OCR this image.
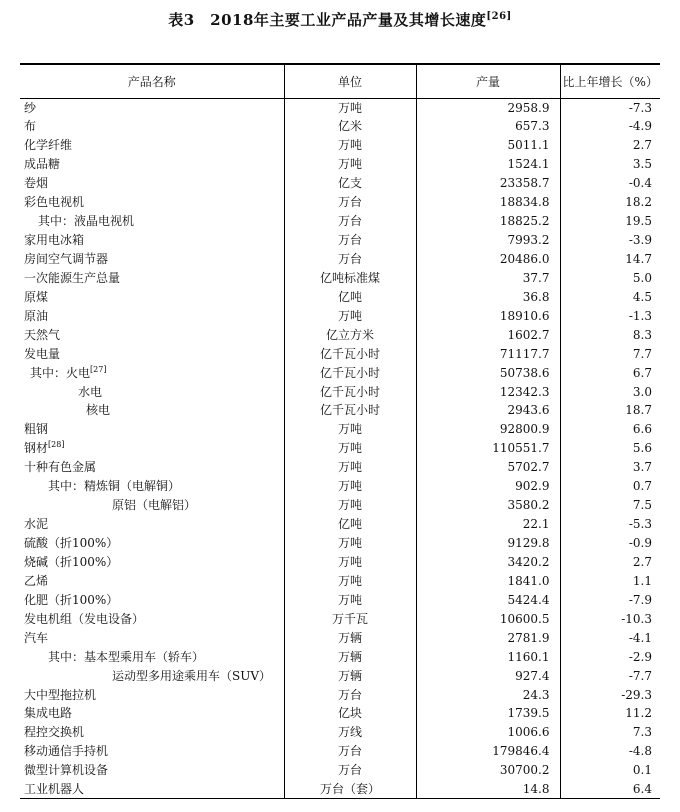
表3　2018年主要工业产品产量及其增长速度[26]
产品名称	单位	产量	比上年增长（%）
纱	万吨	2958.9	-7.3
布	亿米	657.3	-4.9
化学纤维	万吨	5011.1	2.7
成品糖	万吨	1524.1	3.5
卷烟	亿支	23358.7	-0.4
彩色电视机	万台	18834.8	18.2
其中：液晶电视机	万台	18825.2	19.5
家用电冰箱	万台	7993.2	-3.9
房间空气调节器	万台	20486.0	14.7
一次能源生产总量	亿吨标准煤	37.7	5.0
原煤	亿吨	36.8	4.5
原油	万吨	18910.6	-1.3
天然气	亿立方米	1602.7	8.3
发电量	亿千瓦小时	71117.7	7.7
其中：火电[27]	亿千瓦小时	50738.6	6.7
水电	亿千瓦小时	12342.3	3.0
核电	亿千瓦小时	2943.6	18.7
粗钢	万吨	92800.9	6.6
钢材[28]	万吨	110551.7	5.6
十种有色金属	万吨	5702.7	3.7
其中：精炼铜（电解铜）	万吨	902.9	0.7
原铝（电解铝）	万吨	3580.2	7.5
水泥	亿吨	22.1	-5.3
硫酸（折100%）	万吨	9129.8	-0.9
烧碱（折100%）	万吨	3420.2	2.7
乙烯	万吨	1841.0	1.1
化肥（折100%）	万吨	5424.4	-7.9
发电机组（发电设备）	万千瓦	10600.5	-10.3
汽车	万辆	2781.9	-4.1
其中：基本型乘用车（轿车）	万辆	1160.1	-2.9
运动型多用途乘用车（SUV）	万辆	927.4	-7.7
大中型拖拉机	万台	24.3	-29.3
集成电路	亿块	1739.5	11.2
程控交换机	万线	1006.6	7.3
移动通信手持机	万台	179846.4	-4.8
微型计算机设备	万台	30700.2	0.1
工业机器人	万台（套）	14.8	6.4
